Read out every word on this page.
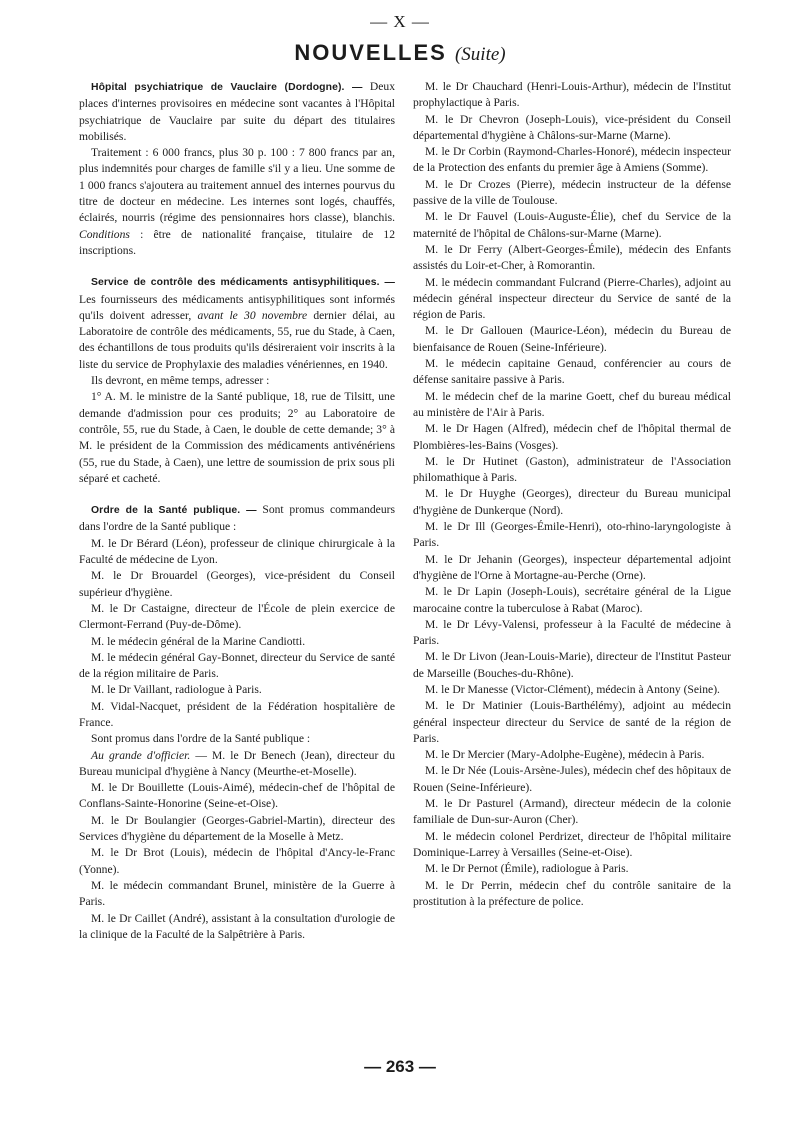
— X —
NOUVELLES (Suite)

Hôpital psychiatrique de Vauclaire (Dordogne). — Deux places d'internes provisoires en médecine sont vacantes à l'Hôpital psychiatrique de Vauclaire par suite du départ des titulaires mobilisés.

Traitement : 6 000 francs, plus 30 p. 100 : 7 800 francs par an, plus indemnités pour charges de famille s'il y a lieu. Une somme de 1 000 francs s'ajoutera au traitement annuel des internes pourvus du titre de docteur en médecine. Les internes sont logés, chauffés, éclairés, nourris (régime des pensionnaires hors classe), blanchis. Conditions : être de nationalité française, titulaire de 12 inscriptions.

Service de contrôle des médicaments antisyphilitiques. — Les fournisseurs des médicaments antisyphilitiques sont informés qu'ils doivent adresser, avant le 30 novembre dernier délai, au Laboratoire de contrôle des médicaments, 55, rue du Stade, à Caen, des échantillons de tous produits qu'ils désireraient voir inscrits à la liste du service de Prophylaxie des maladies vénériennes, en 1940.

Ils devront, en même temps, adresser :

1° A. M. le ministre de la Santé publique, 18, rue de Tilsitt, une demande d'admission pour ces produits; 2° au Laboratoire de contrôle, 55, rue du Stade, à Caen, le double de cette demande; 3° à M. le président de la Commission des médicaments antivénériens (55, rue du Stade, à Caen), une lettre de soumission de prix sous pli séparé et cacheté.

Ordre de la Santé publique. — Sont promus commandeurs dans l'ordre de la Santé publique :

M. le Dr Bérard (Léon), professeur de clinique chirurgicale à la Faculté de médecine de Lyon.

M. le Dr Brouardel (Georges), vice-président du Conseil supérieur d'hygiène.

M. le Dr Castaigne, directeur de l'École de plein exercice de Clermont-Ferrand (Puy-de-Dôme).

M. le médecin général de la Marine Candiotti.

M. le médecin général Gay-Bonnet, directeur du Service de santé de la région militaire de Paris.

M. le Dr Vaillant, radiologue à Paris.

M. Vidal-Nacquet, président de la Fédération hospitalière de France.

Sont promus dans l'ordre de la Santé publique :

Au grande d'officier. — M. le Dr Benech (Jean), directeur du Bureau municipal d'hygiène à Nancy (Meurthe-et-Moselle).

M. le Dr Bouillette (Louis-Aimé), médecin-chef de l'hôpital de Conflans-Sainte-Honorine (Seine-et-Oise).

M. le Dr Boulangier (Georges-Gabriel-Martin), directeur des Services d'hygiène du département de la Moselle à Metz.

M. le Dr Brot (Louis), médecin de l'hôpital d'Ancy-le-Franc (Yonne).

M. le médecin commandant Brunel, ministère de la Guerre à Paris.

M. le Dr Caillet (André), assistant à la consultation d'urologie de la clinique de la Faculté de la Salpêtrière à Paris.

M. le Dr Chauchard (Henri-Louis-Arthur), médecin de l'Institut prophylactique à Paris.

M. le Dr Chevron (Joseph-Louis), vice-président du Conseil départemental d'hygiène à Châlons-sur-Marne (Marne).

M. le Dr Corbin (Raymond-Charles-Honoré), médecin inspecteur de la Protection des enfants du premier âge à Amiens (Somme).

M. le Dr Crozes (Pierre), médecin instructeur de la défense passive de la ville de Toulouse.

M. le Dr Fauvel (Louis-Auguste-Élie), chef du Service de la maternité de l'hôpital de Châlons-sur-Marne (Marne).

M. le Dr Ferry (Albert-Georges-Émile), médecin des Enfants assistés du Loir-et-Cher, à Romorantin.

M. le médecin commandant Fulcrand (Pierre-Charles), adjoint au médecin général inspecteur directeur du Service de santé de la région de Paris.

M. le Dr Gallouen (Maurice-Léon), médecin du Bureau de bienfaisance de Rouen (Seine-Inférieure).

M. le médecin capitaine Genaud, conférencier au cours de défense sanitaire passive à Paris.

M. le médecin chef de la marine Goett, chef du bureau médical au ministère de l'Air à Paris.

M. le Dr Hagen (Alfred), médecin chef de l'hôpital thermal de Plombières-les-Bains (Vosges).

M. le Dr Hutinet (Gaston), administrateur de l'Association philomathique à Paris.

M. le Dr Huyghe (Georges), directeur du Bureau municipal d'hygiène de Dunkerque (Nord).

M. le Dr Ill (Georges-Émile-Henri), oto-rhino-laryngologiste à Paris.

M. le Dr Jehanin (Georges), inspecteur départemental adjoint d'hygiène de l'Orne à Mortagne-au-Perche (Orne).

M. le Dr Lapin (Joseph-Louis), secrétaire général de la Ligue marocaine contre la tuberculose à Rabat (Maroc).

M. le Dr Lévy-Valensi, professeur à la Faculté de médecine à Paris.

M. le Dr Livon (Jean-Louis-Marie), directeur de l'Institut Pasteur de Marseille (Bouches-du-Rhône).

M. le Dr Manesse (Victor-Clément), médecin à Antony (Seine).

M. le Dr Matinier (Louis-Barthélémy), adjoint au médecin général inspecteur directeur du Service de santé de la région de Paris.

M. le Dr Mercier (Mary-Adolphe-Eugène), médecin à Paris.

M. le Dr Née (Louis-Arsène-Jules), médecin chef des hôpitaux de Rouen (Seine-Inférieure).

M. le Dr Pasturel (Armand), directeur médecin de la colonie familiale de Dun-sur-Auron (Cher).

M. le médecin colonel Perdrizet, directeur de l'hôpital militaire Dominique-Larrey à Versailles (Seine-et-Oise).

M. le Dr Pernot (Émile), radiologue à Paris.

M. le Dr Perrin, médecin chef du contrôle sanitaire de la prostitution à la préfecture de police.

— 263 —
